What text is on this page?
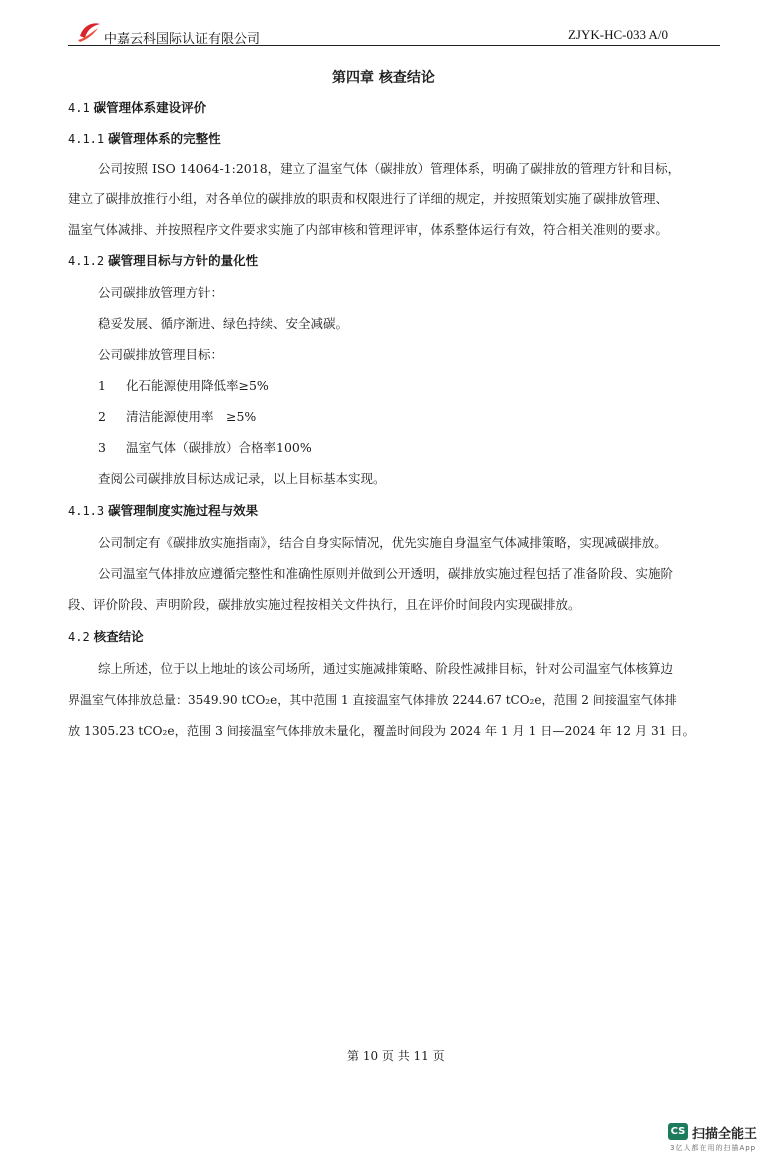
中嘉云科国际认证有限公司	ZJYK-HC-033 A/0
第四章 核查结论
4.1 碳管理体系建设评价
4.1.1 碳管理体系的完整性
公司按照 ISO 14064-1:2018，建立了温室气体（碳排放）管理体系，明确了碳排放的管理方针和目标，
建立了碳排放推行小组，对各单位的碳排放的职责和权限进行了详细的规定，并按照策划实施了碳排放管理、
温室气体减排、并按照程序文件要求实施了内部审核和管理评审，体系整体运行有效，符合相关准则的要求。
4.1.2 碳管理目标与方针的量化性
公司碳排放管理方针：
稳妥发展、循序渐进、绿色持续、安全减碳。
公司碳排放管理目标：
1 化石能源使用降低率≥5%
2 清洁能源使用率　≥5%
3 温室气体（碳排放）合格率100%
查阅公司碳排放目标达成记录，以上目标基本实现。
4.1.3 碳管理制度实施过程与效果
公司制定有《碳排放实施指南》，结合自身实际情况，优先实施自身温室气体减排策略，实现减碳排放。
公司温室气体排放应遵循完整性和准确性原则并做到公开透明，碳排放实施过程包括了准备阶段、实施阶
段、评价阶段、声明阶段，碳排放实施过程按相关文件执行，且在评价时间段内实现碳排放。
4.2 核查结论
综上所述，位于以上地址的该公司场所，通过实施减排策略、阶段性减排目标，针对公司温室气体核算边
界温室气体排放总量：3549.90 tCO₂e，其中范围 1 直接温室气体排放 2244.67 tCO₂e，范围 2 间接温室气体排
放 1305.23 tCO₂e，范围 3 间接温室气体排放未量化，覆盖时间段为 2024 年 1 月 1 日—2024 年 12 月 31 日。
第 10 页 共 11 页
CS 扫描全能王
3亿人都在用的扫描App
